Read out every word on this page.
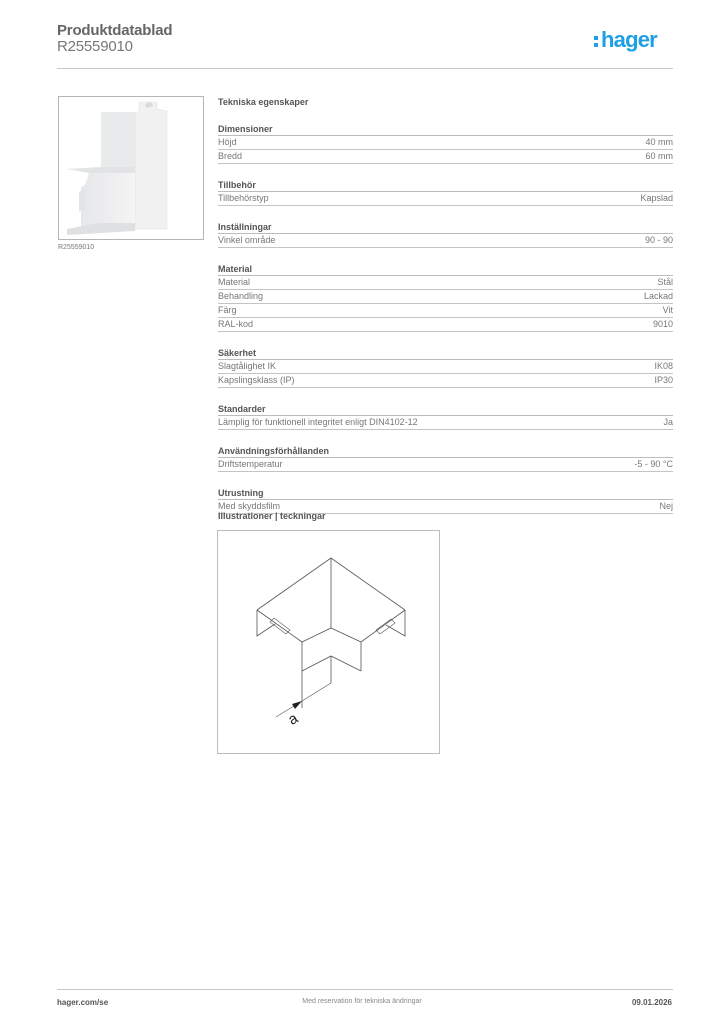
Produktdatablad
R25559010	hager
R25559010
Tekniska egenskaper
Dimensioner
Höjd	40 mm
Bredd	60 mm
Tillbehör
Tillbehörstyp	Kapslad
Inställningar
Vinkel område	90 - 90
Material
Material	Stål
Behandling	Lackad
Färg	Vit
RAL-kod	9010
Säkerhet
Slagtålighet IK	IK08
Kapslingsklass (IP)	IP30
Standarder
Lämplig för funktionell integritet enligt DIN4102-12	Ja
Användningsförhållanden
Driftstemperatur	-5 - 90 °C
Utrustning
Med skyddsfilm	Nej
Illustrationer | teckningar
a
hager.com/se	Med reservation för tekniska ändringar	09.01.2026
